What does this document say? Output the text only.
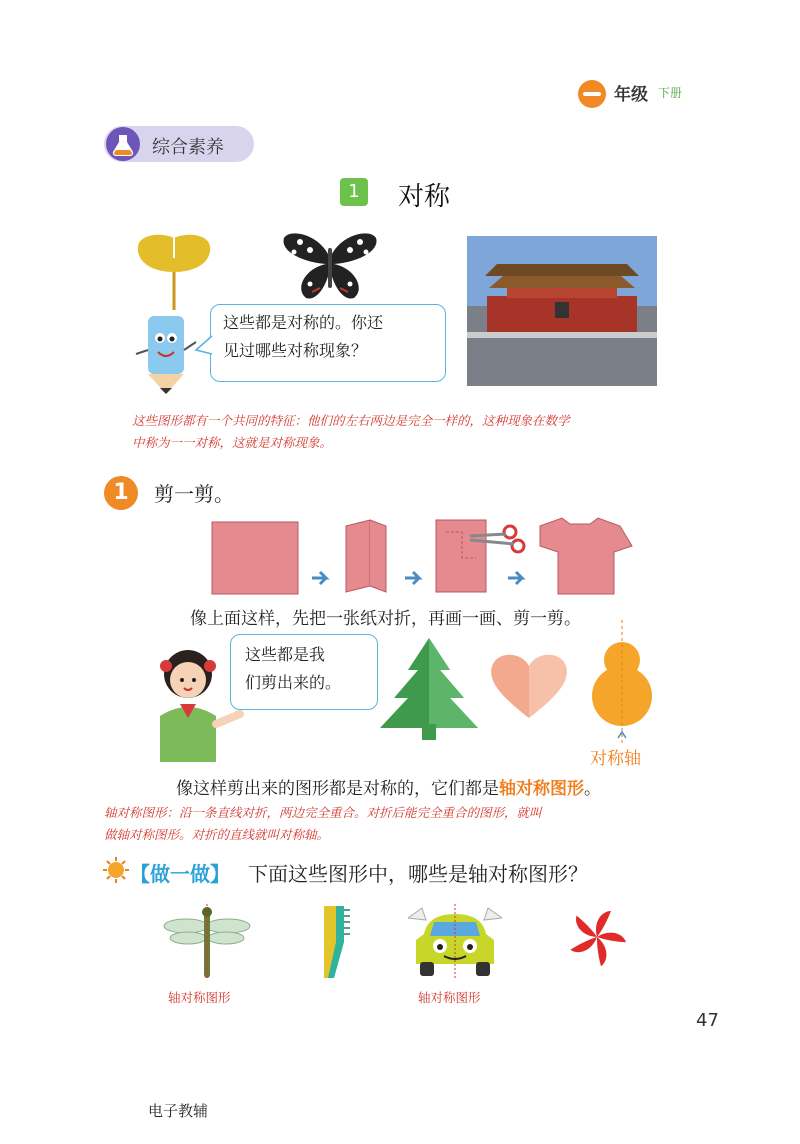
年级 下册
综合素养
1	对称
这些都是对称的。你还
见过哪些对称现象？
这些图形都有一个共同的特征：他们的左右两边是完全一样的，这种现象在数学
中称为一一对称，这就是对称现象。
1	剪一剪。
像上面这样，先把一张纸对折，再画一画、剪一剪。
这些都是我
们剪出来的。
对称轴
像这样剪出来的图形都是对称的，它们都是轴对称图形。
轴对称图形：沿一条直线对折，两边完全重合。对折后能完全重合的图形，就叫
做轴对称图形。对折的直线就叫对称轴。
【做一做】 下面这些图形中，哪些是轴对称图形？
轴对称图形	轴对称图形
47
电子教辅
